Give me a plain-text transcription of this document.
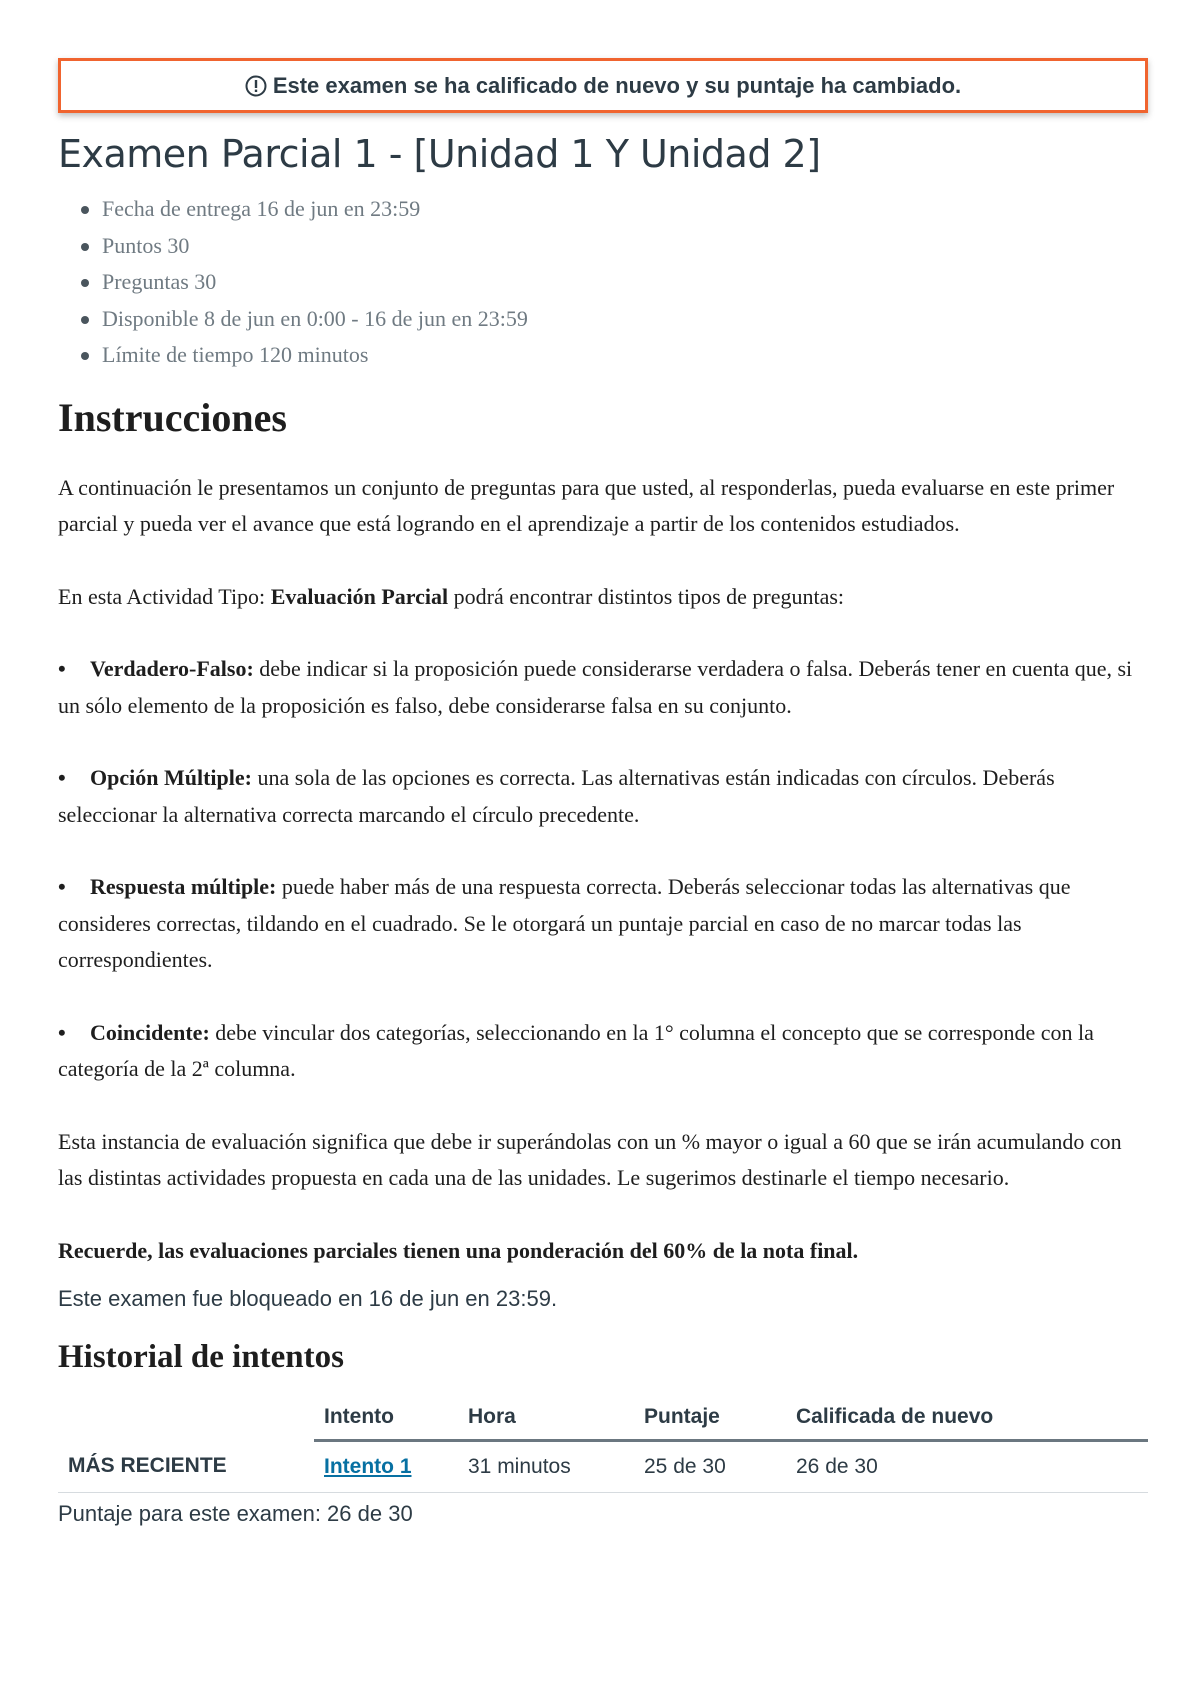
Este examen se ha calificado de nuevo y su puntaje ha cambiado.
Examen Parcial 1 - [Unidad 1 Y Unidad 2]
Fecha de entrega 16 de jun en 23:59
Puntos 30
Preguntas 30
Disponible 8 de jun en 0:00 - 16 de jun en 23:59
Límite de tiempo 120 minutos
Instrucciones

A continuación le presentamos un conjunto de preguntas para que usted, al responderlas, pueda evaluarse en este primer parcial y pueda ver el avance que está logrando en el aprendizaje a partir de los contenidos estudiados.

En esta Actividad Tipo: Evaluación Parcial podrá encontrar distintos tipos de preguntas:

• Verdadero-Falso: debe indicar si la proposición puede considerarse verdadera o falsa. Deberás tener en cuenta que, si un sólo elemento de la proposición es falso, debe considerarse falsa en su conjunto.

• Opción Múltiple: una sola de las opciones es correcta. Las alternativas están indicadas con círculos. Deberás seleccionar la alternativa correcta marcando el círculo precedente.

• Respuesta múltiple: puede haber más de una respuesta correcta. Deberás seleccionar todas las alternativas que consideres correctas, tildando en el cuadrado. Se le otorgará un puntaje parcial en caso de no marcar todas las correspondientes.

• Coincidente: debe vincular dos categorías, seleccionando en la 1° columna el concepto que se corresponde con la categoría de la 2ª columna.

Esta instancia de evaluación significa que debe ir superándolas con un % mayor o igual a 60 que se irán acumulando con las distintas actividades propuesta en cada una de las unidades. Le sugerimos destinarle el tiempo necesario.

Recuerde, las evaluaciones parciales tienen una ponderación del 60% de la nota final.

Este examen fue bloqueado en 16 de jun en 23:59.

Historial de intentos
	Intento	Hora	Puntaje	Calificada de nuevo
MÁS RECIENTE	Intento 1	31 minutos	25 de 30	26 de 30

Puntaje para este examen: 26 de 30
